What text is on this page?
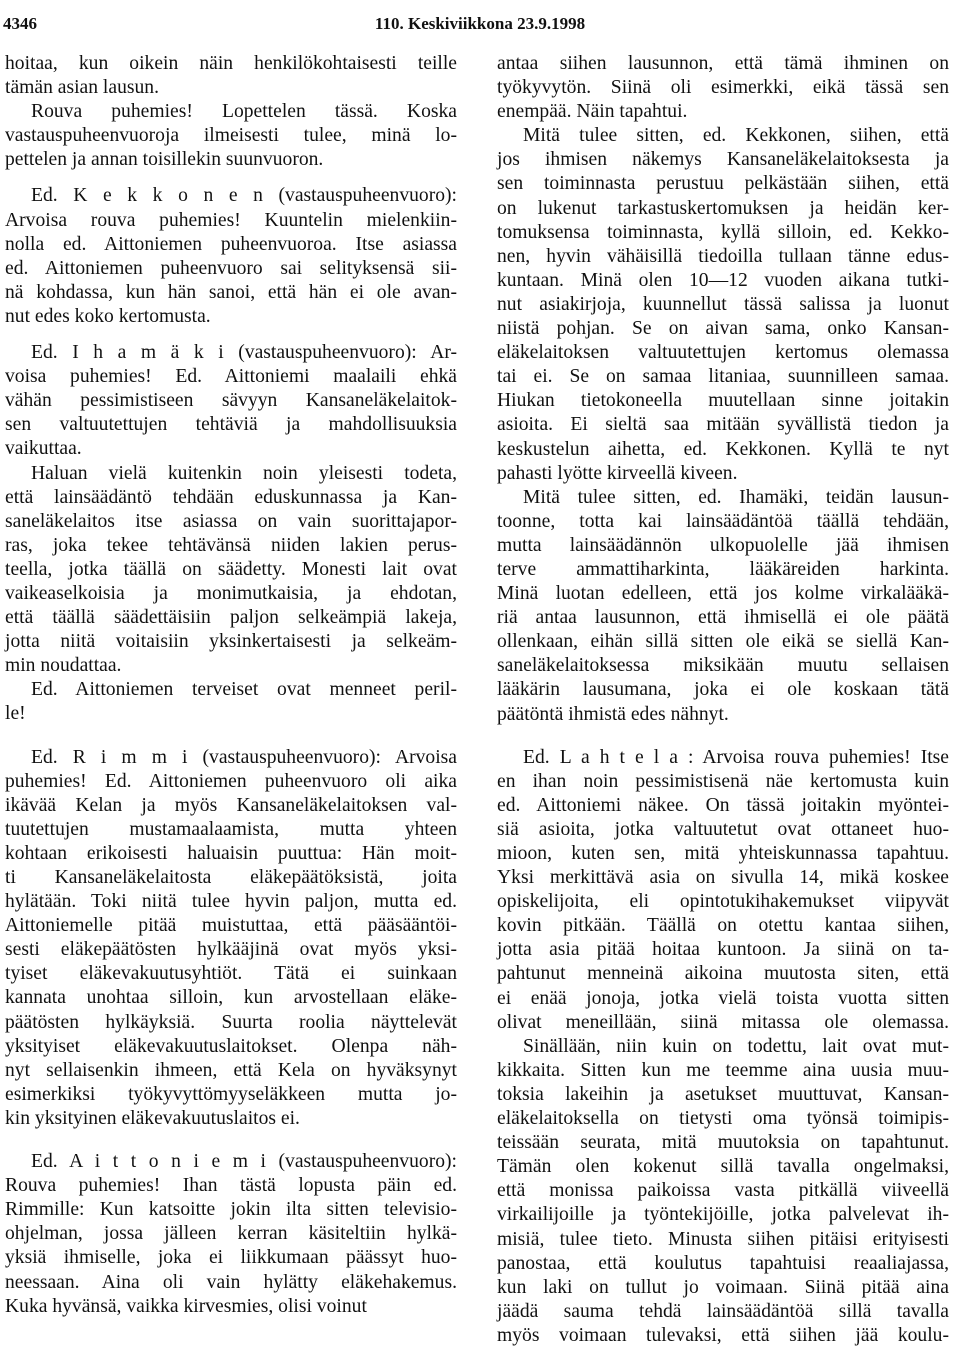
4346	110. Keskiviikkona 23.9.1998
hoitaa, kun oikein näin henkilökohtaisesti teille
tämän asian lausun.
Rouva puhemies! Lopettelen tässä. Koska
vastauspuheenvuoroja ilmeisesti tulee, minä lo-
pettelen ja annan toisillekin suunvuoron.
Ed. K e k k o n e n (vastauspuheenvuoro):
Arvoisa rouva puhemies! Kuuntelin mielenkiin-
nolla ed. Aittoniemen puheenvuoroa. Itse asiassa
ed. Aittoniemen puheenvuoro sai selityksensä sii-
nä kohdassa, kun hän sanoi, että hän ei ole avan-
nut edes koko kertomusta.
Ed. I h a m ä k i (vastauspuheenvuoro): Ar-
voisa puhemies! Ed. Aittoniemi maalaili ehkä
vähän pessimistiseen sävyyn Kansaneläkelaitok-
sen valtuutettujen tehtäviä ja mahdollisuuksia
vaikuttaa.
Haluan vielä kuitenkin noin yleisesti todeta,
että lainsäädäntö tehdään eduskunnassa ja Kan-
saneläkelaitos itse asiassa on vain suorittajapor-
ras, joka tekee tehtävänsä niiden lakien perus-
teella, jotka täällä on säädetty. Monesti lait ovat
vaikeaselkoisia ja monimutkaisia, ja ehdotan,
että täällä säädettäisiin paljon selkeämpiä lakeja,
jotta niitä voitaisiin yksinkertaisesti ja selkeäm-
min noudattaa.
Ed. Aittoniemen terveiset ovat menneet peril-
le!
Ed. R i m m i (vastauspuheenvuoro): Arvoisa
puhemies! Ed. Aittoniemen puheenvuoro oli aika
ikävää Kelan ja myös Kansaneläkelaitoksen val-
tuutettujen mustamaalaamista, mutta yhteen
kohtaan erikoisesti haluaisin puuttua: Hän moit-
ti Kansaneläkelaitosta eläkepäätöksistä, joita
hylätään. Toki niitä tulee hyvin paljon, mutta ed.
Aittoniemelle pitää muistuttaa, että pääsääntöi-
sesti eläkepäätösten hylkääjinä ovat myös yksi-
tyiset eläkevakuutusyhtiöt. Tätä ei suinkaan
kannata unohtaa silloin, kun arvostellaan eläke-
päätösten hylkäyksiä. Suurta roolia näyttelevät
yksityiset eläkevakuutuslaitokset. Olenpa näh-
nyt sellaisenkin ihmeen, että Kela on hyväksynyt
esimerkiksi työkyvyttömyyseläkkeen mutta jo-
kin yksityinen eläkevakuutuslaitos ei.
Ed. A i t t o n i e m i (vastauspuheenvuoro):
Rouva puhemies! Ihan tästä lopusta päin ed.
Rimmille: Kun katsoitte jokin ilta sitten televisio-
ohjelman, jossa jälleen kerran käsiteltiin hylkä-
yksiä ihmiselle, joka ei liikkumaan päässyt huo-
neessaan. Aina oli vain hylätty eläkehakemus.
Kuka hyvänsä, vaikka kirvesmies, olisi voinut
antaa siihen lausunnon, että tämä ihminen on
työkyvytön. Siinä oli esimerkki, eikä tässä sen
enempää. Näin tapahtui.
Mitä tulee sitten, ed. Kekkonen, siihen, että
jos ihmisen näkemys Kansaneläkelaitoksesta ja
sen toiminnasta perustuu pelkästään siihen, että
on lukenut tarkastuskertomuksen ja heidän ker-
tomuksensa toiminnasta, kyllä silloin, ed. Kekko-
nen, hyvin vähäisillä tiedoilla tullaan tänne edus-
kuntaan. Minä olen 10—12 vuoden aikana tutki-
nut asiakirjoja, kuunnellut tässä salissa ja luonut
niistä pohjan. Se on aivan sama, onko Kansan-
eläkelaitoksen valtuutettujen kertomus olemassa
tai ei. Se on samaa litaniaa, suunnilleen samaa.
Hiukan tietokoneella muutellaan sinne joitakin
asioita. Ei sieltä saa mitään syvällistä tiedon ja
keskustelun aihetta, ed. Kekkonen. Kyllä te nyt
pahasti lyötte kirveellä kiveen.
Mitä tulee sitten, ed. Ihamäki, teidän lausun-
toonne, totta kai lainsäädäntöä täällä tehdään,
mutta lainsäädännön ulkopuolelle jää ihmisen
terve ammattiharkinta, lääkäreiden harkinta.
Minä luotan edelleen, että jos kolme virkalääkä-
riä antaa lausunnon, että ihmisellä ei ole päätä
ollenkaan, eihän sillä sitten ole eikä se siellä Kan-
saneläkelaitoksessa miksikään muutu sellaisen
lääkärin lausumana, joka ei ole koskaan tätä
päätöntä ihmistä edes nähnyt.
Ed. L a h t e l a : Arvoisa rouva puhemies! Itse
en ihan noin pessimistisenä näe kertomusta kuin
ed. Aittoniemi näkee. On tässä joitakin myöntei-
siä asioita, jotka valtuutetut ovat ottaneet huo-
mioon, kuten sen, mitä yhteiskunnassa tapahtuu.
Yksi merkittävä asia on sivulla 14, mikä koskee
opiskelijoita, eli opintotukihakemukset viipyvät
kovin pitkään. Täällä on otettu kantaa siihen,
jotta asia pitää hoitaa kuntoon. Ja siinä on ta-
pahtunut menneinä aikoina muutosta siten, että
ei enää jonoja, jotka vielä toista vuotta sitten
olivat meneillään, siinä mitassa ole olemassa.
Sinällään, niin kuin on todettu, lait ovat mut-
kikkaita. Sitten kun me teemme aina uusia muu-
toksia lakeihin ja asetukset muuttuvat, Kansan-
eläkelaitoksella on tietysti oma työnsä toimipis-
teissään seurata, mitä muutoksia on tapahtunut.
Tämän olen kokenut sillä tavalla ongelmaksi,
että monissa paikoissa vasta pitkällä viiveellä
virkailijoille ja työntekijöille, jotka palvelevat ih-
misiä, tulee tieto. Minusta siihen pitäisi erityisesti
panostaa, että koulutus tapahtuisi reaaliajassa,
kun laki on tullut jo voimaan. Siinä pitää aina
jäädä sauma tehdä lainsäädäntöä sillä tavalla
myös voimaan tulevaksi, että siihen jää koulu-
